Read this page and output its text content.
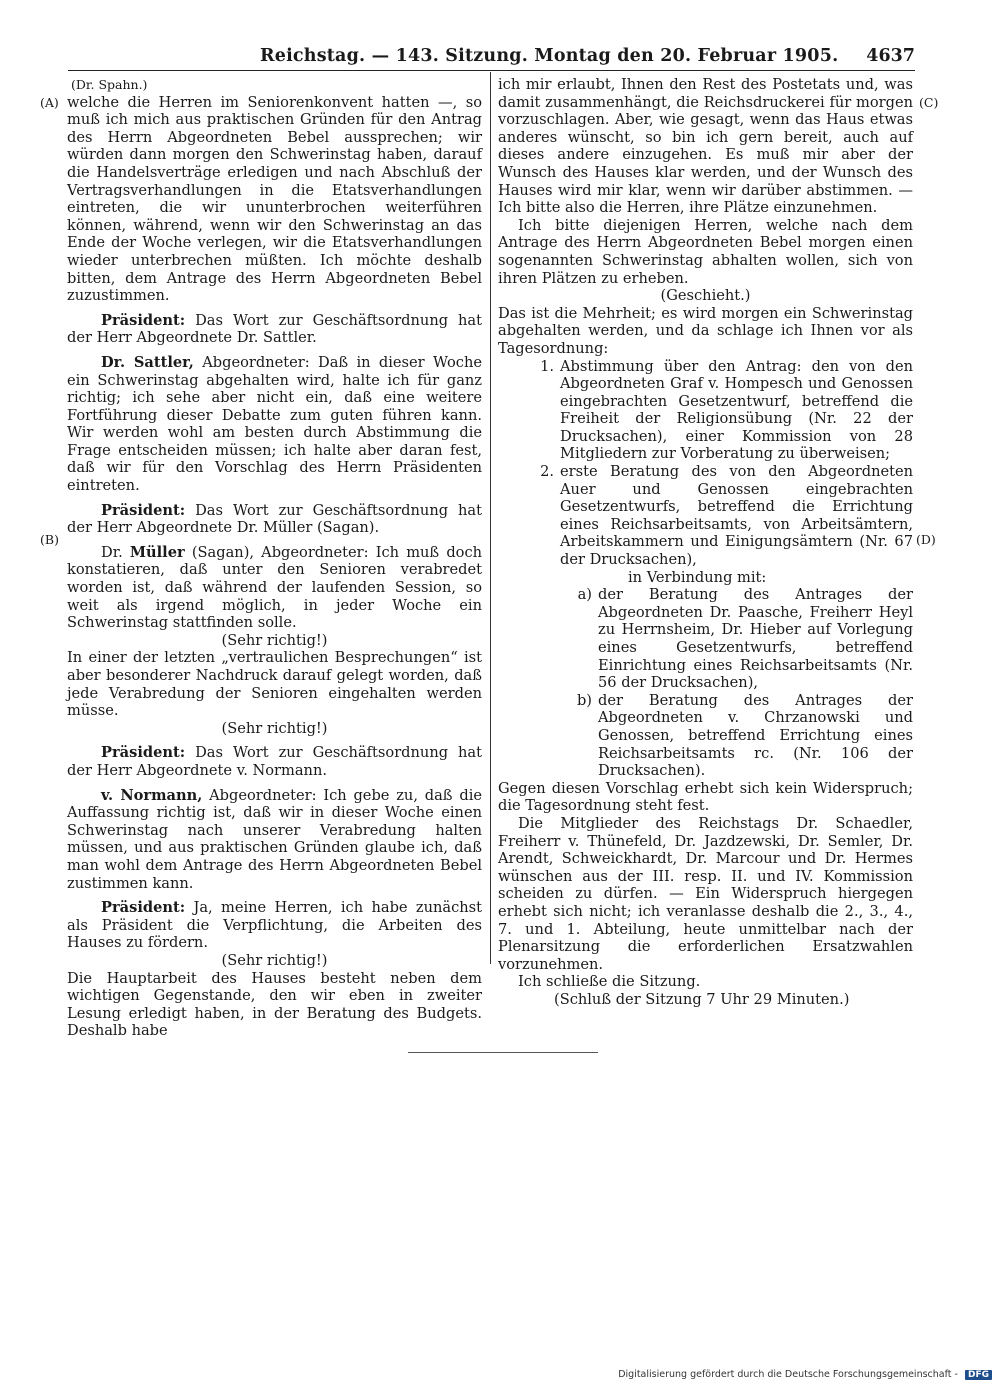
Reichstag. — 143. Sitzung. Montag den 20. Februar 1905. 4637
(A)
(B)
(C)
(D)

(Dr. Spahn.)

welche die Herren im Seniorenkonvent hatten —, so muß ich mich aus praktischen Gründen für den Antrag des Herrn Abgeordneten Bebel aussprechen; wir würden dann morgen den Schwerinstag haben, darauf die Handelsverträge erledigen und nach Abschluß der Vertragsverhandlungen in die Etatsverhandlungen eintreten, die wir ununterbrochen weiterführen können, während, wenn wir den Schwerinstag an das Ende der Woche verlegen, wir die Etatsverhandlungen wieder unterbrechen müßten. Ich möchte deshalb bitten, dem Antrage des Herrn Abgeordneten Bebel zuzustimmen.

Präsident: Das Wort zur Geschäftsordnung hat der Herr Abgeordnete Dr. Sattler.

Dr. Sattler, Abgeordneter: Daß in dieser Woche ein Schwerinstag abgehalten wird, halte ich für ganz richtig; ich sehe aber nicht ein, daß eine weitere Fortführung dieser Debatte zum guten führen kann. Wir werden wohl am besten durch Abstimmung die Frage entscheiden müssen; ich halte aber daran fest, daß wir für den Vorschlag des Herrn Präsidenten eintreten.

Präsident: Das Wort zur Geschäftsordnung hat der Herr Abgeordnete Dr. Müller (Sagan).

Dr. Müller (Sagan), Abgeordneter: Ich muß doch konstatieren, daß unter den Senioren verabredet worden ist, daß während der laufenden Session, so weit als irgend möglich, in jeder Woche ein Schwerinstag stattfinden solle.

(Sehr richtig!)

In einer der letzten „vertraulichen Besprechungen“ ist aber besonderer Nachdruck darauf gelegt worden, daß jede Verabredung der Senioren eingehalten werden müsse.

(Sehr richtig!)

Präsident: Das Wort zur Geschäftsordnung hat der Herr Abgeordnete v. Normann.

v. Normann, Abgeordneter: Ich gebe zu, daß die Auffassung richtig ist, daß wir in dieser Woche einen Schwerinstag nach unserer Verabredung halten müssen, und aus praktischen Gründen glaube ich, daß man wohl dem Antrage des Herrn Abgeordneten Bebel zustimmen kann.

Präsident: Ja, meine Herren, ich habe zunächst als Präsident die Verpflichtung, die Arbeiten des Hauses zu fördern.

(Sehr richtig!)

Die Hauptarbeit des Hauses besteht neben dem wichtigen Gegenstande, den wir eben in zweiter Lesung erledigt haben, in der Beratung des Budgets. Deshalb habe

ich mir erlaubt, Ihnen den Rest des Postetats und, was damit zusammenhängt, die Reichsdruckerei für morgen vorzuschlagen. Aber, wie gesagt, wenn das Haus etwas anderes wünscht, so bin ich gern bereit, auch auf dieses andere einzugehen. Es muß mir aber der Wunsch des Hauses klar werden, und der Wunsch des Hauses wird mir klar, wenn wir darüber abstimmen. — Ich bitte also die Herren, ihre Plätze einzunehmen.

Ich bitte diejenigen Herren, welche nach dem Antrage des Herrn Abgeordneten Bebel morgen einen sogenannten Schwerinstag abhalten wollen, sich von ihren Plätzen zu erheben.

(Geschieht.)

Das ist die Mehrheit; es wird morgen ein Schwerinstag abgehalten werden, und da schlage ich Ihnen vor als Tagesordnung:

1. Abstimmung über den Antrag: den von den Abgeordneten Graf v. Hompesch und Genossen eingebrachten Gesetzentwurf, betreffend die Freiheit der Religionsübung (Nr. 22 der Drucksachen), einer Kommission von 28 Mitgliedern zur Vorberatung zu überweisen;
2. erste Beratung des von den Abgeordneten Auer und Genossen eingebrachten Gesetzentwurfs, betreffend die Errichtung eines Reichsarbeitsamts, von Arbeitsämtern, Arbeitskammern und Einigungsämtern (Nr. 67 der Drucksachen),

in Verbindung mit:

a) der Beratung des Antrages der Abgeordneten Dr. Paasche, Freiherr Heyl zu Herrnsheim, Dr. Hieber auf Vorlegung eines Gesetzentwurfs, betreffend Einrichtung eines Reichsarbeitsamts (Nr. 56 der Drucksachen),
b) der Beratung des Antrages der Abgeordneten v. Chrzanowski und Genossen, betreffend Errichtung eines Reichsarbeitsamts rc. (Nr. 106 der Drucksachen).

Gegen diesen Vorschlag erhebt sich kein Widerspruch; die Tagesordnung steht fest.

Die Mitglieder des Reichstags Dr. Schaedler, Freiherr v. Thünefeld, Dr. Jazdzewski, Dr. Semler, Dr. Arendt, Schweickhardt, Dr. Marcour und Dr. Hermes wünschen aus der III. resp. II. und IV. Kommission scheiden zu dürfen. — Ein Widerspruch hiergegen erhebt sich nicht; ich veranlasse deshalb die 2., 3., 4., 7. und 1. Abteilung, heute unmittelbar nach der Plenarsitzung die erforderlichen Ersatzwahlen vorzunehmen.

Ich schließe die Sitzung.

(Schluß der Sitzung 7 Uhr 29 Minuten.)

Digitalisierung gefördert durch die Deutsche Forschungsgemeinschaft - DFG
